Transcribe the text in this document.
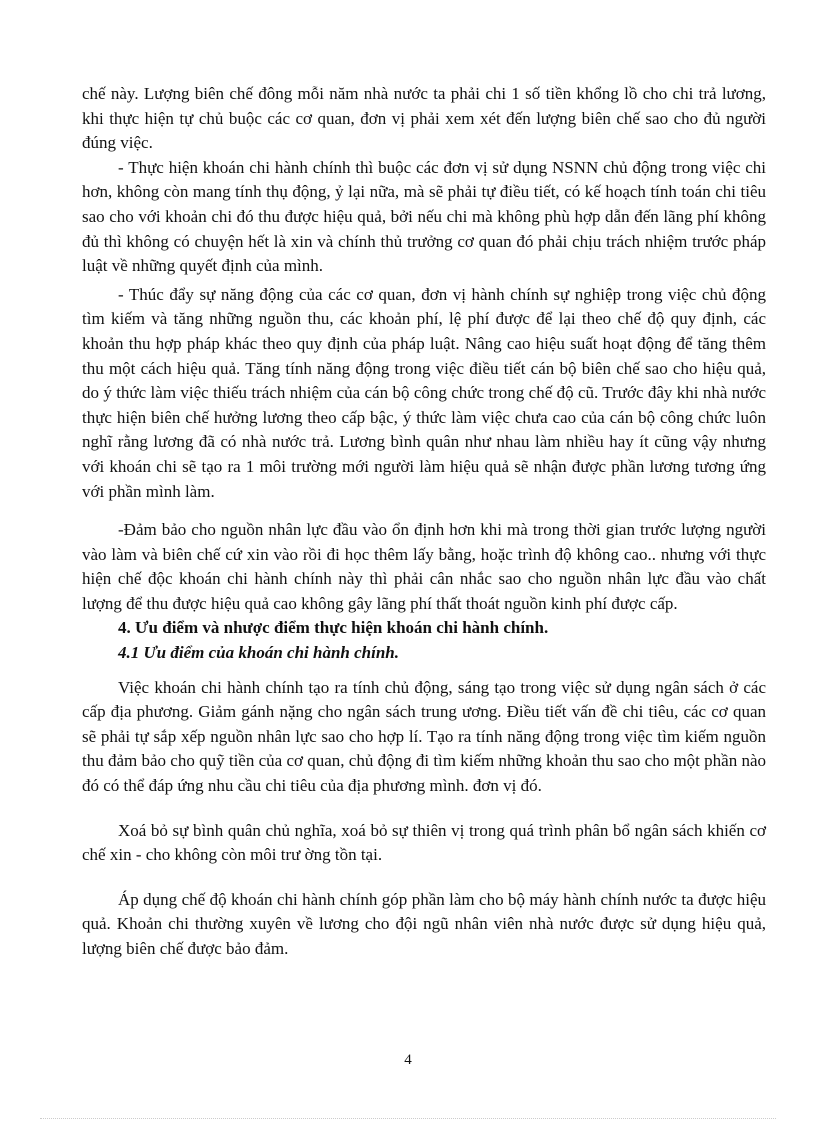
chế này. Lượng biên chế đông mỗi năm nhà nước ta phải chi 1 số tiền khổng lồ cho chi trả lương, khi thực hiện tự chủ buộc các cơ quan, đơn vị phải xem xét đến lượng biên chế sao cho đủ người đúng việc.

- Thực hiện khoán chi hành chính thì buộc các đơn vị sử dụng NSNN chủ động trong việc chi hơn, không còn mang tính thụ động, ỷ lại nữa, mà sẽ phải tự điều tiết, có kế hoạch tính toán chi tiêu sao cho với khoản chi đó thu được hiệu quả, bởi nếu chi mà không phù hợp dẫn đến lãng phí không đủ thì không có chuyện hết là xin và chính thủ trưởng cơ quan đó phải chịu trách nhiệm trước pháp luật về những quyết định của mình.

- Thúc đẩy sự năng động của các cơ quan, đơn vị hành chính sự nghiệp trong việc chủ động tìm kiếm và tăng những nguồn thu, các khoản phí, lệ phí được để lại theo chế độ quy định, các khoản thu hợp pháp khác theo quy định của pháp luật. Nâng cao hiệu suất hoạt động để tăng thêm thu một cách hiệu quả. Tăng tính năng động trong việc điều tiết cán bộ biên chế sao cho hiệu quả, do ý thức làm việc thiếu trách nhiệm của cán bộ công chức trong chế độ cũ. Trước đây khi nhà nước thực hiện biên chế hưởng lương theo cấp bậc, ý thức làm việc chưa cao của cán bộ công chức luôn nghĩ rằng lương đã có nhà nước trả. Lương bình quân như nhau làm nhiều hay ít cũng vậy nhưng với khoán chi sẽ tạo ra 1 môi trường mới người làm hiệu quả sẽ nhận được phần lương tương ứng với phần mình làm.

-Đảm bảo cho nguồn nhân lực đầu vào ổn định hơn khi mà trong thời gian trước lượng người vào làm và biên chế cứ xin vào rồi đi học thêm lấy bằng, hoặc trình độ không cao.. nhưng với thực hiện chế độc khoán chi hành chính này thì phải cân nhắc sao cho nguồn nhân lực đầu vào chất lượng để thu được hiệu quả cao không gây lãng phí thất thoát nguồn kinh phí được cấp.

4. Ưu điểm và nhược điểm thực hiện khoán chi hành chính.

4.1 Ưu điểm của khoán chi hành chính.

Việc khoán chi hành chính tạo ra tính chủ động, sáng tạo trong việc sử dụng ngân sách ở các cấp địa phương. Giảm gánh nặng cho ngân sách trung ương. Điều tiết vấn đề chi tiêu, các cơ quan sẽ phải tự sắp xếp nguồn nhân lực sao cho hợp lí. Tạo ra tính năng động trong việc tìm kiếm nguồn thu đảm bảo cho quỹ tiền của cơ quan, chủ động đi tìm kiếm những khoản thu sao cho một phần nào đó có thể đáp ứng nhu cầu chi tiêu của địa phương mình. đơn vị đó.

Xoá bỏ sự bình quân chủ nghĩa, xoá bỏ sự thiên vị trong quá trình phân bổ ngân sách khiến cơ chế xin - cho không còn môi trư ờng tồn tại.

Áp dụng chế độ khoán chi hành chính góp phần làm cho bộ máy hành chính nước ta được hiệu quả. Khoản chi thường xuyên về lương cho đội ngũ nhân viên nhà nước được sử dụng hiệu quả, lượng biên chế được bảo đảm.

4
